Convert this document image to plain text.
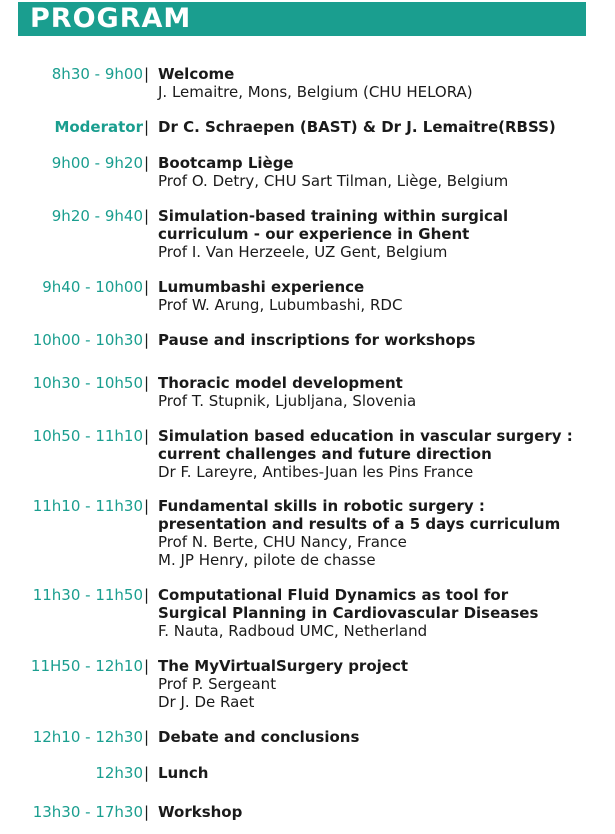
PROGRAM
8h30 - 9h00 | Welcome
J. Lemaitre, Mons, Belgium (CHU HELORA)
Moderator | Dr C. Schraepen (BAST) & Dr J. Lemaitre(RBSS)
9h00 - 9h20 | Bootcamp Liège
Prof O. Detry, CHU Sart Tilman, Liège, Belgium
9h20 - 9h40 | Simulation-based training within surgical
curriculum - our experience in Ghent
Prof I. Van Herzeele, UZ Gent, Belgium
9h40 - 10h00 | Lumumbashi experience
Prof W. Arung, Lubumbashi, RDC
10h00 - 10h30 | Pause and inscriptions for workshops
10h30 - 10h50 | Thoracic model development
Prof T. Stupnik, Ljubljana, Slovenia
10h50 - 11h10 | Simulation based education in vascular surgery :
current challenges and future direction
Dr F. Lareyre, Antibes-Juan les Pins France
11h10 - 11h30 | Fundamental skills in robotic surgery :
presentation and results of a 5 days curriculum
Prof N. Berte, CHU Nancy, France
M. JP Henry, pilote de chasse
11h30 - 11h50 | Computational Fluid Dynamics as tool for
Surgical Planning in Cardiovascular Diseases
F. Nauta, Radboud UMC, Netherland
11H50 - 12h10 | The MyVirtualSurgery project
Prof P. Sergeant
Dr J. De Raet
12h10 - 12h30 | Debate and conclusions
12h30 | Lunch
13h30 - 17h30 | Workshop
